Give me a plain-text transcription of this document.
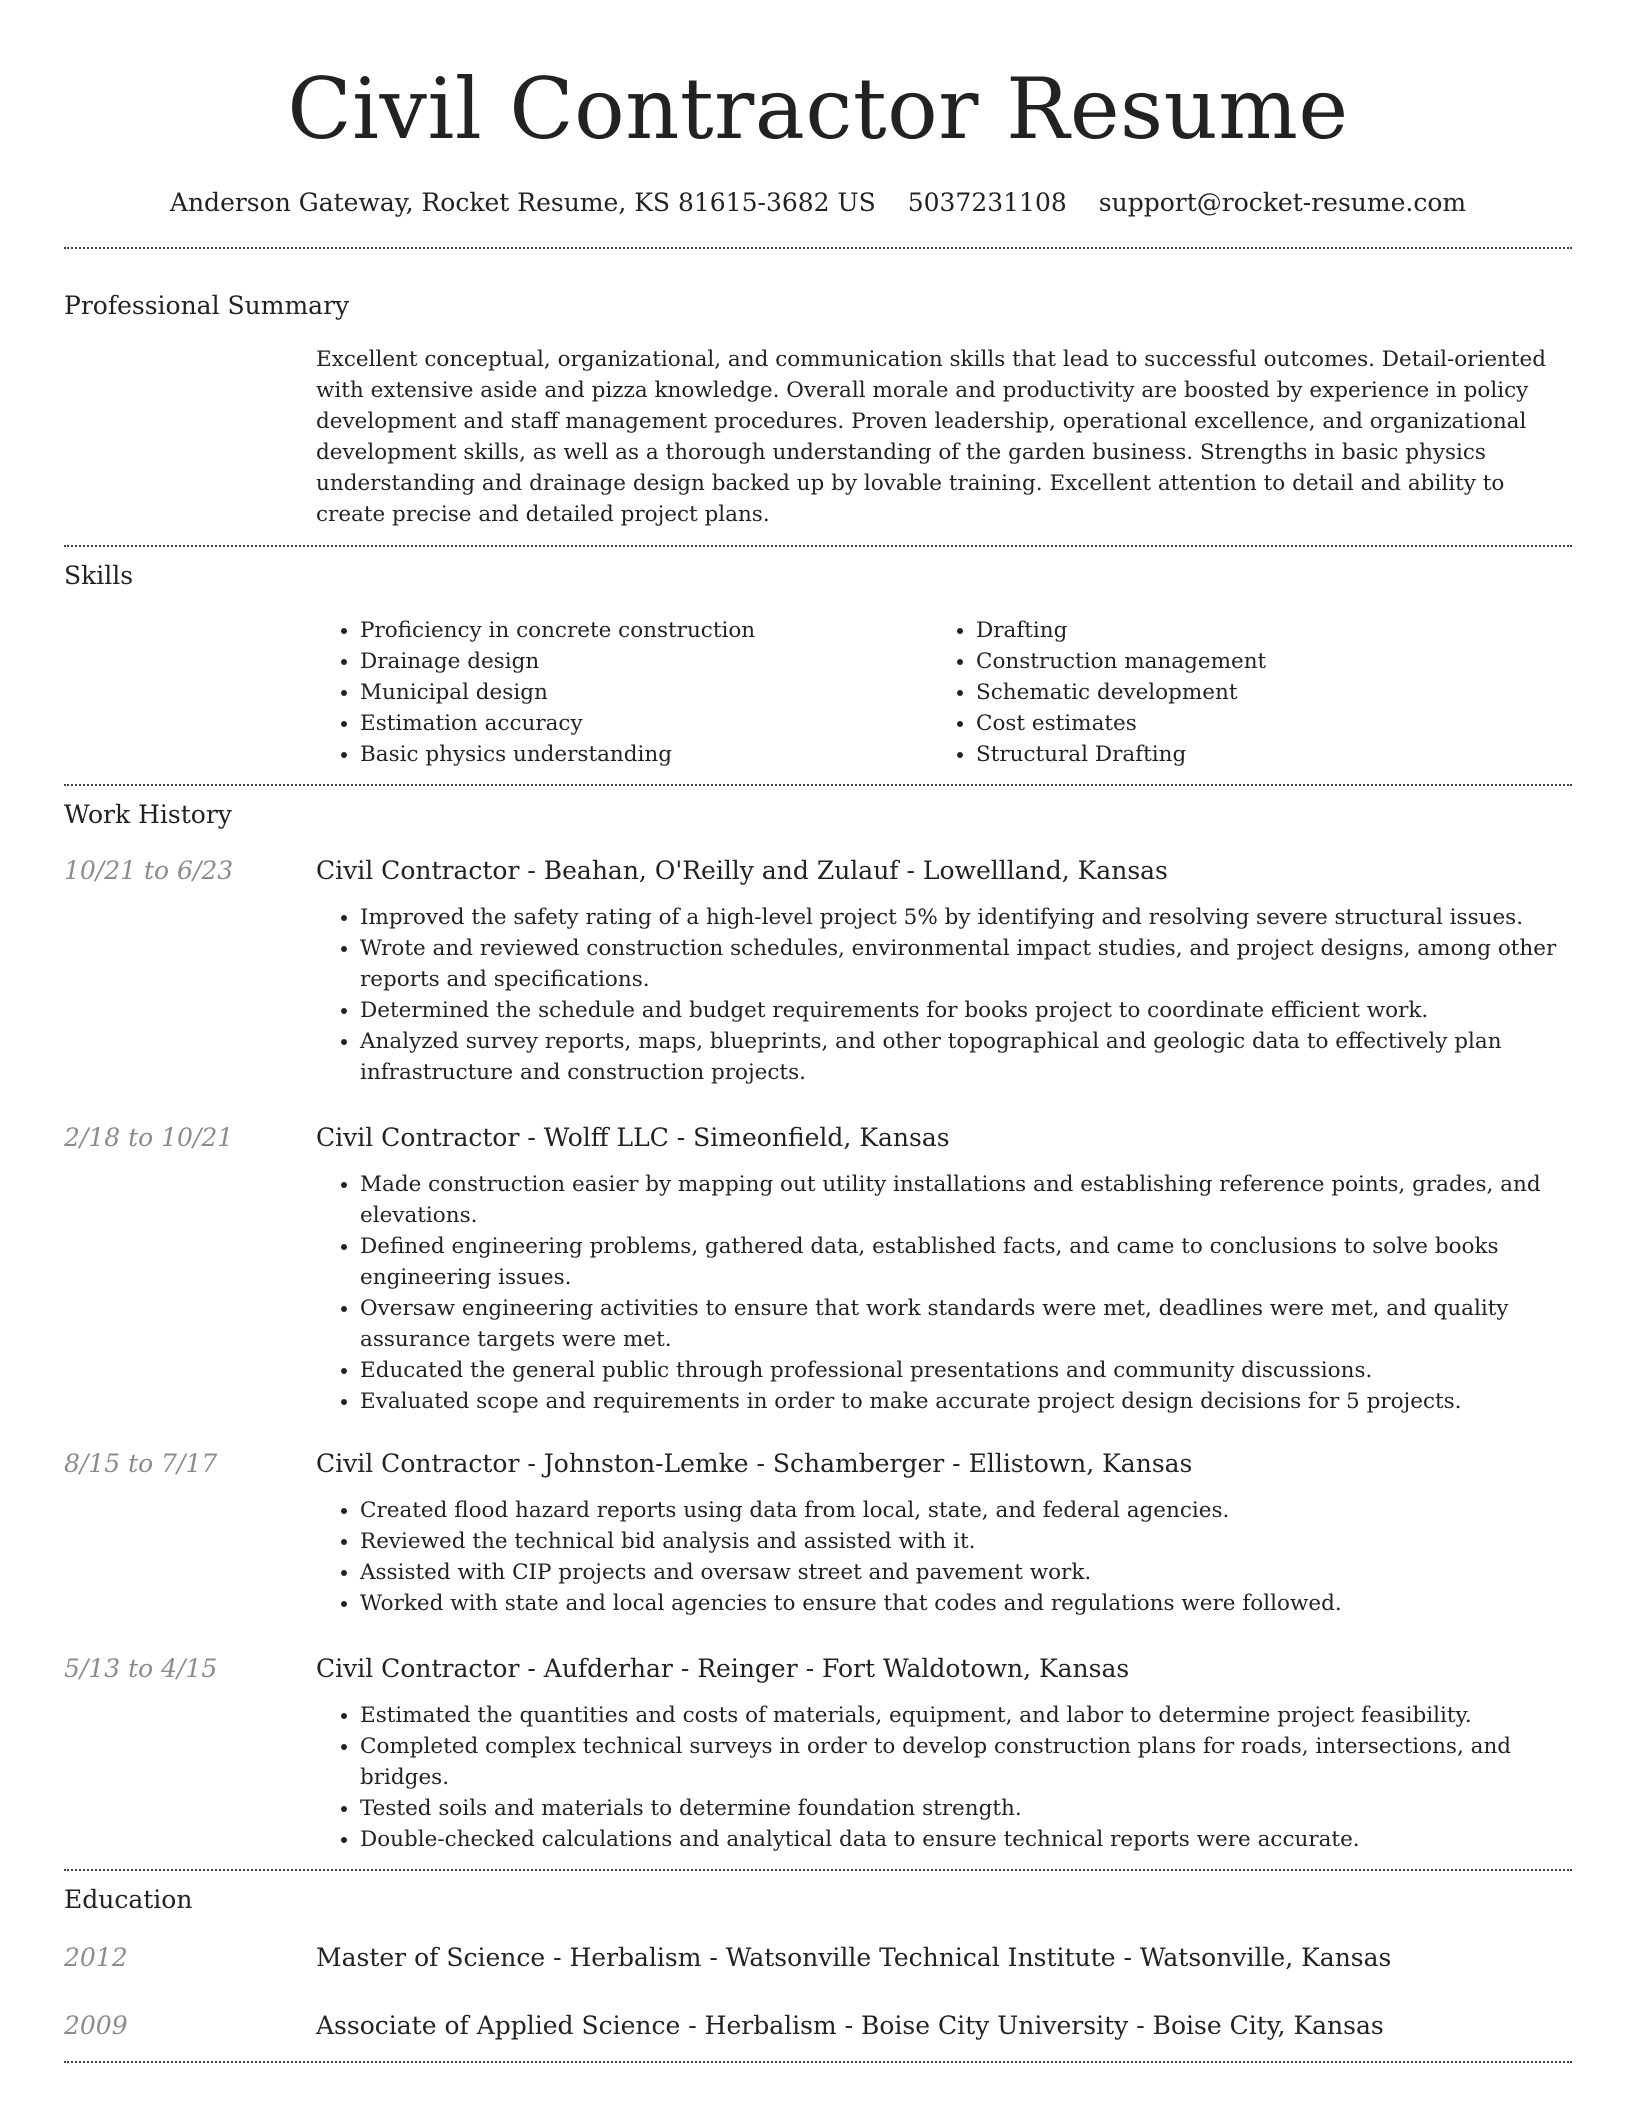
Civil Contractor Resume
Anderson Gateway, Rocket Resume, KS 81615-3682 US 5037231108 support@rocket-resume.com
Professional Summary
Excellent conceptual, organizational, and communication skills that lead to successful outcomes. Detail-oriented with extensive aside and pizza knowledge. Overall morale and productivity are boosted by experience in policy development and staff management procedures. Proven leadership, operational excellence, and organizational development skills, as well as a thorough understanding of the garden business. Strengths in basic physics understanding and drainage design backed up by lovable training. Excellent attention to detail and ability to create precise and detailed project plans.
Skills
• Proficiency in concrete construction
• Drainage design
• Municipal design
• Estimation accuracy
• Basic physics understanding
• Drafting
• Construction management
• Schematic development
• Cost estimates
• Structural Drafting
Work History
10/21 to 6/23	Civil Contractor - Beahan, O'Reilly and Zulauf - Lowellland, Kansas
• Improved the safety rating of a high-level project 5% by identifying and resolving severe structural issues.
• Wrote and reviewed construction schedules, environmental impact studies, and project designs, among other reports and specifications.
• Determined the schedule and budget requirements for books project to coordinate efficient work.
• Analyzed survey reports, maps, blueprints, and other topographical and geologic data to effectively plan infrastructure and construction projects.
2/18 to 10/21	Civil Contractor - Wolff LLC - Simeonfield, Kansas
• Made construction easier by mapping out utility installations and establishing reference points, grades, and elevations.
• Defined engineering problems, gathered data, established facts, and came to conclusions to solve books engineering issues.
• Oversaw engineering activities to ensure that work standards were met, deadlines were met, and quality assurance targets were met.
• Educated the general public through professional presentations and community discussions.
• Evaluated scope and requirements in order to make accurate project design decisions for 5 projects.
8/15 to 7/17	Civil Contractor - Johnston-Lemke - Schamberger - Ellistown, Kansas
• Created flood hazard reports using data from local, state, and federal agencies.
• Reviewed the technical bid analysis and assisted with it.
• Assisted with CIP projects and oversaw street and pavement work.
• Worked with state and local agencies to ensure that codes and regulations were followed.
5/13 to 4/15	Civil Contractor - Aufderhar - Reinger - Fort Waldotown, Kansas
• Estimated the quantities and costs of materials, equipment, and labor to determine project feasibility.
• Completed complex technical surveys in order to develop construction plans for roads, intersections, and bridges.
• Tested soils and materials to determine foundation strength.
• Double-checked calculations and analytical data to ensure technical reports were accurate.
Education
2012	Master of Science - Herbalism - Watsonville Technical Institute - Watsonville, Kansas
2009	Associate of Applied Science - Herbalism - Boise City University - Boise City, Kansas
